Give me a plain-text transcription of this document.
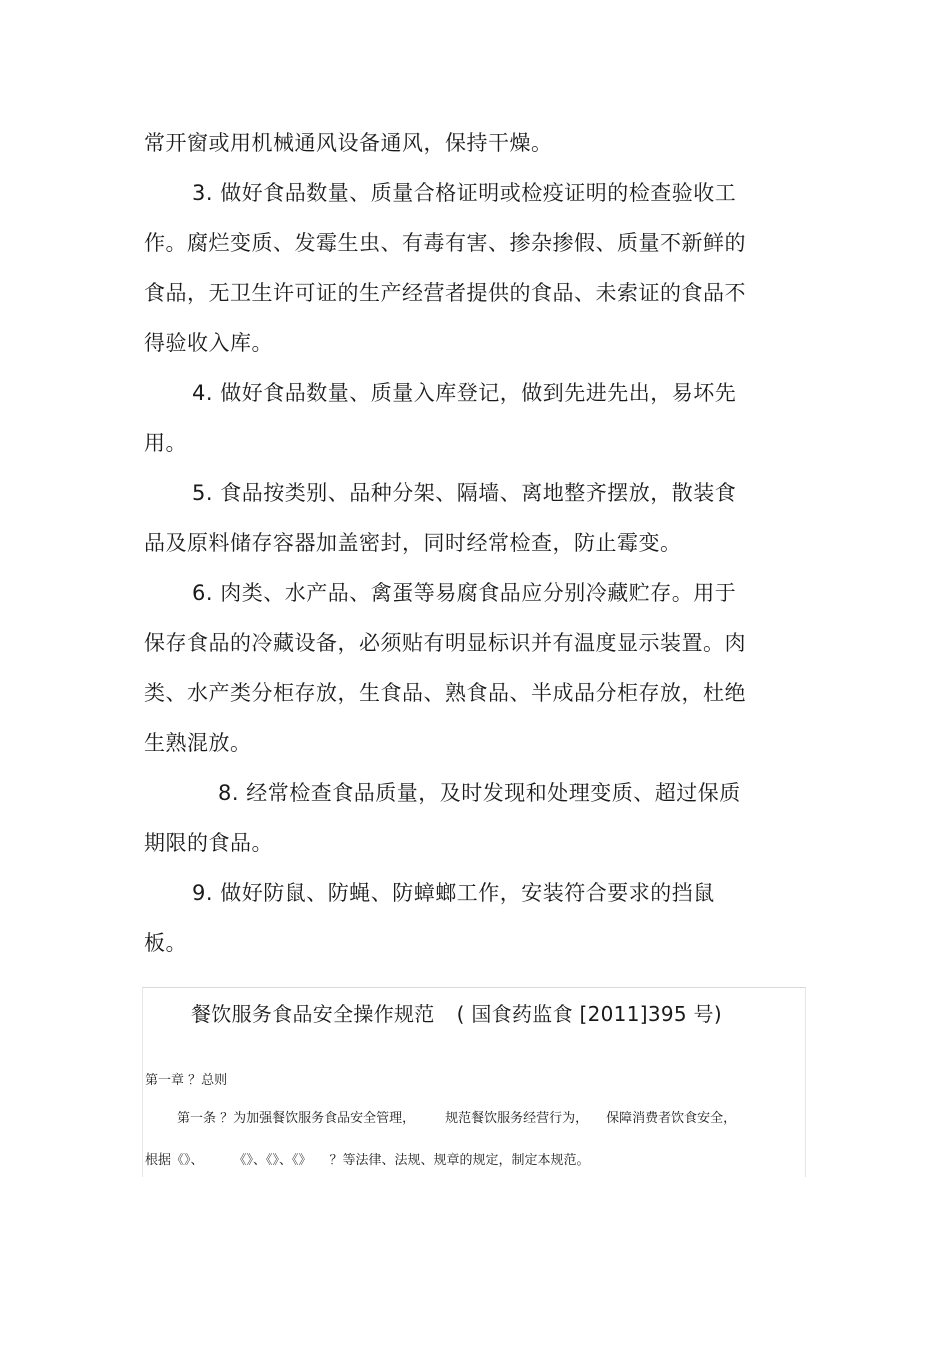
常开窗或用机械通风设备通风，保持干燥。

3. 做好食品数量、质量合格证明或检疫证明的检查验收工作。腐烂变质、发霉生虫、有毒有害、掺杂掺假、质量不新鲜的食品，无卫生许可证的生产经营者提供的食品、未索证的食品不得验收入库。

4. 做好食品数量、质量入库登记，做到先进先出，易坏先用。

5. 食品按类别、品种分架、隔墙、离地整齐摆放，散装食品及原料储存容器加盖密封，同时经常检查，防止霉变。

6. 肉类、水产品、禽蛋等易腐食品应分别冷藏贮存。用于保存食品的冷藏设备，必须贴有明显标识并有温度显示装置。肉类、水产类分柜存放，生食品、熟食品、半成品分柜存放，杜绝生熟混放。

8. 经常检查食品质量，及时发现和处理变质、超过保质期限的食品。

9. 做好防鼠、防蝇、防蟑螂工作，安装符合要求的挡鼠板。

餐饮服务食品安全操作规范 ( 国食药监食 [2011]395 号)
第一章 ？总则
第一条 ？为加强餐饮服务食品安全管理， 规范餐饮服务经营行为， 保障消费者饮食安全，
根据《》、 《》、《》、《》 ？等法律、法规、规章的规定，制定本规范。
